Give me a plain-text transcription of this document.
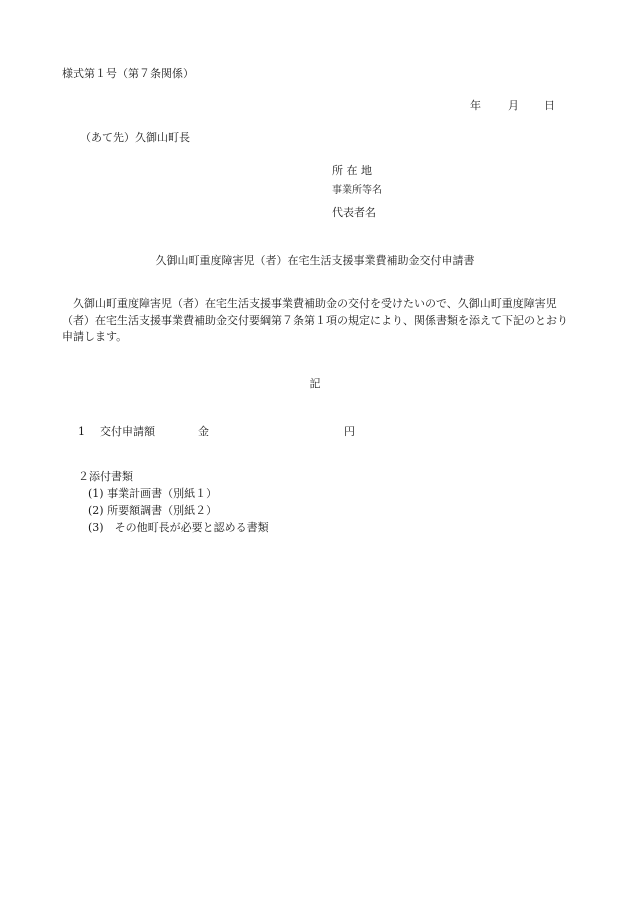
様式第１号（第７条関係）
年 月 日
（あて先）久御山町長
所 在 地
事業所等名
代表者名
久御山町重度障害児（者）在宅生活支援事業費補助金交付申請書
久御山町重度障害児（者）在宅生活支援事業費補助金の交付を受けたいので、久御山町重度障害児（者）在宅生活支援事業費補助金交付要綱第７条第１項の規定により、関係書類を添えて下記のとおり申請します。
記
1 交付申請額	金	円
２添付書類
(1) 事業計画書（別紙１）
(2) 所要額調書（別紙２）
(3)　その他町長が必要と認める書類
